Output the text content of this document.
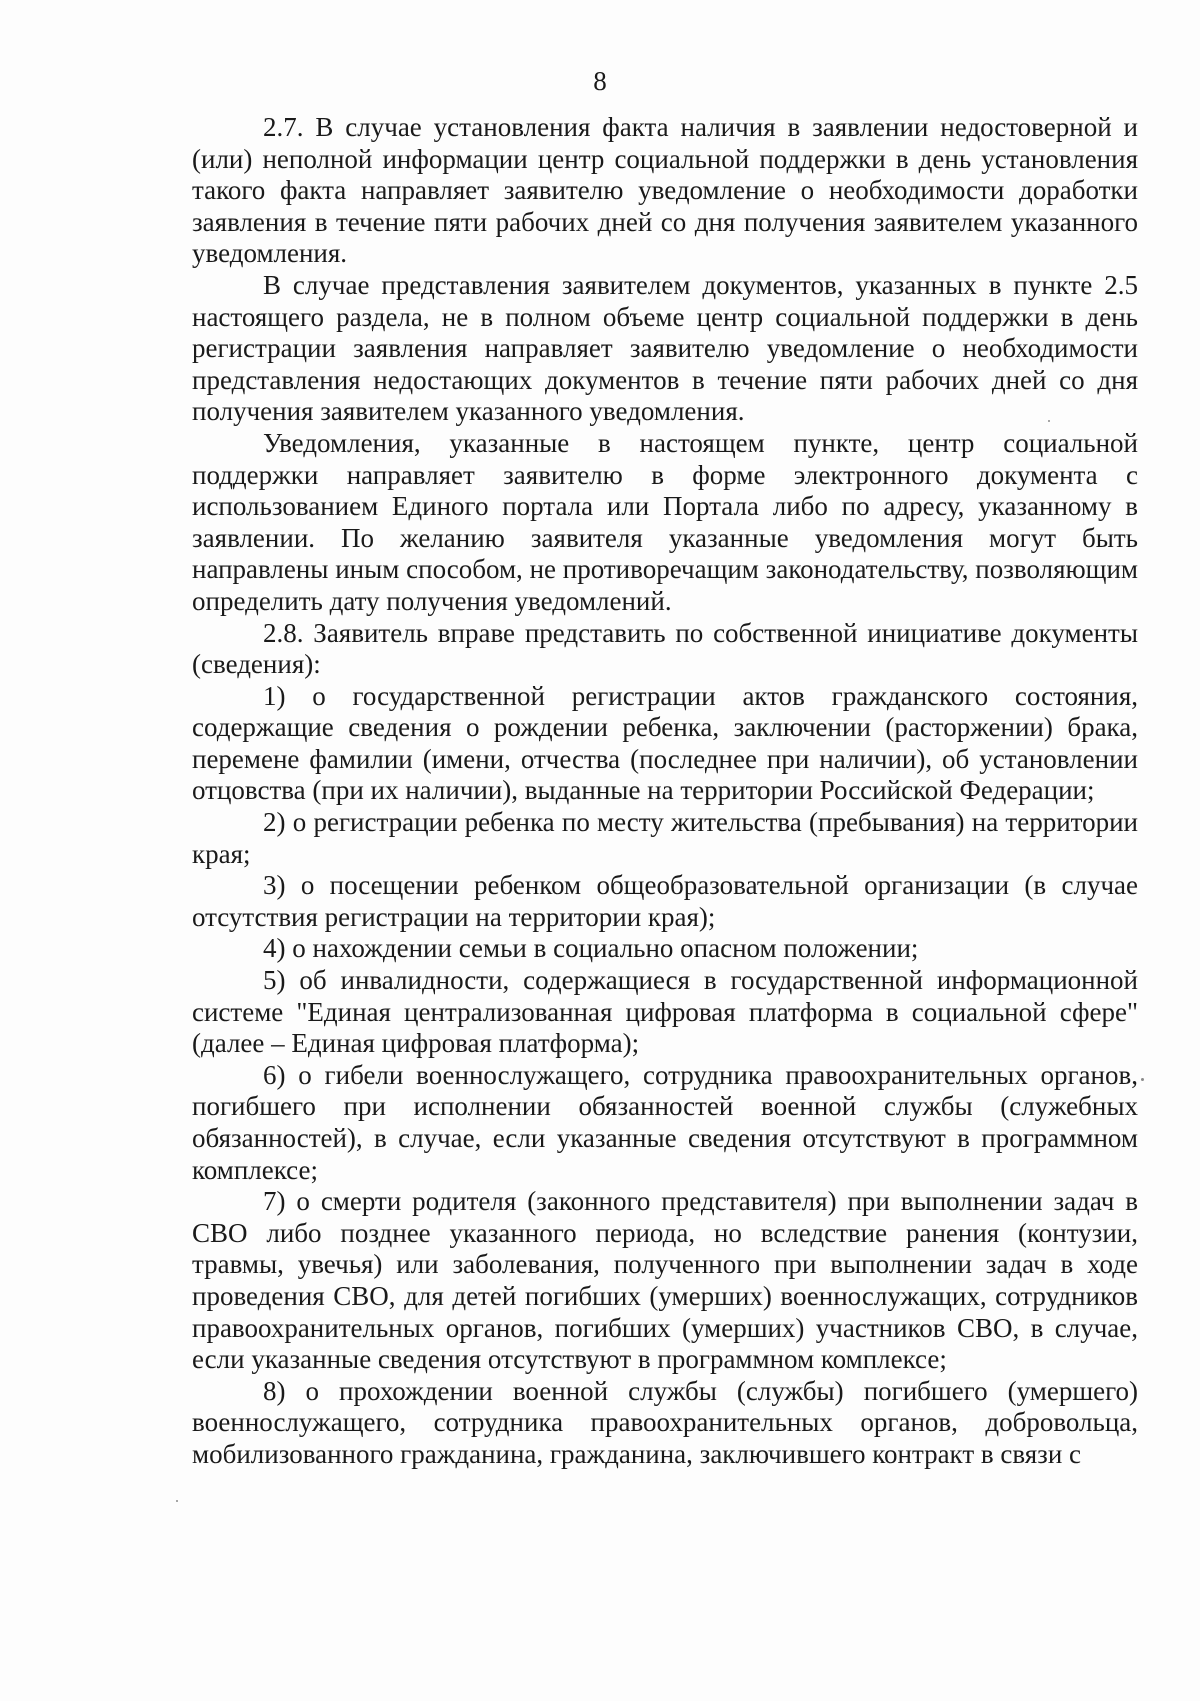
8

2.7. В случае установления факта наличия в заявлении недостоверной и (или) неполной информации центр социальной поддержки в день установления такого факта направляет заявителю уведомление о необходимости доработки заявления в течение пяти рабочих дней со дня получения заявителем указанного уведомления.

В случае представления заявителем документов, указанных в пункте 2.5 настоящего раздела, не в полном объеме центр социальной поддержки в день регистрации заявления направляет заявителю уведомление о необходимости представления недостающих документов в течение пяти рабочих дней со дня получения заявителем указанного уведомления.

Уведомления, указанные в настоящем пункте, центр социальной поддержки направляет заявителю в форме электронного документа с использованием Единого портала или Портала либо по адресу, указанному в заявлении. По желанию заявителя указанные уведомления могут быть направлены иным способом, не противоречащим законодательству, позволяющим определить дату получения уведомлений.

2.8. Заявитель вправе представить по собственной инициативе документы (сведения):

1) о государственной регистрации актов гражданского состояния, содержащие сведения о рождении ребенка, заключении (расторжении) брака, перемене фамилии (имени, отчества (последнее при наличии), об установлении отцовства (при их наличии), выданные на территории Российской Федерации;

2) о регистрации ребенка по месту жительства (пребывания) на территории края;

3) о посещении ребенком общеобразовательной организации (в случае отсутствия регистрации на территории края);

4) о нахождении семьи в социально опасном положении;

5) об инвалидности, содержащиеся в государственной информационной системе "Единая централизованная цифровая платформа в социальной сфере" (далее – Единая цифровая платформа);

6) о гибели военнослужащего, сотрудника правоохранительных органов, погибшего при исполнении обязанностей военной службы (служебных обязанностей), в случае, если указанные сведения отсутствуют в программном комплексе;

7) о смерти родителя (законного представителя) при выполнении задач в СВО либо позднее указанного периода, но вследствие ранения (контузии, травмы, увечья) или заболевания, полученного при выполнении задач в ходе проведения СВО, для детей погибших (умерших) военнослужащих, сотрудников правоохранительных органов, погибших (умерших) участников СВО, в случае, если указанные сведения отсутствуют в программном комплексе;

8) о прохождении военной службы (службы) погибшего (умершего) военнослужащего, сотрудника правоохранительных органов, добровольца, мобилизованного гражданина, гражданина, заключившего контракт в связи с
